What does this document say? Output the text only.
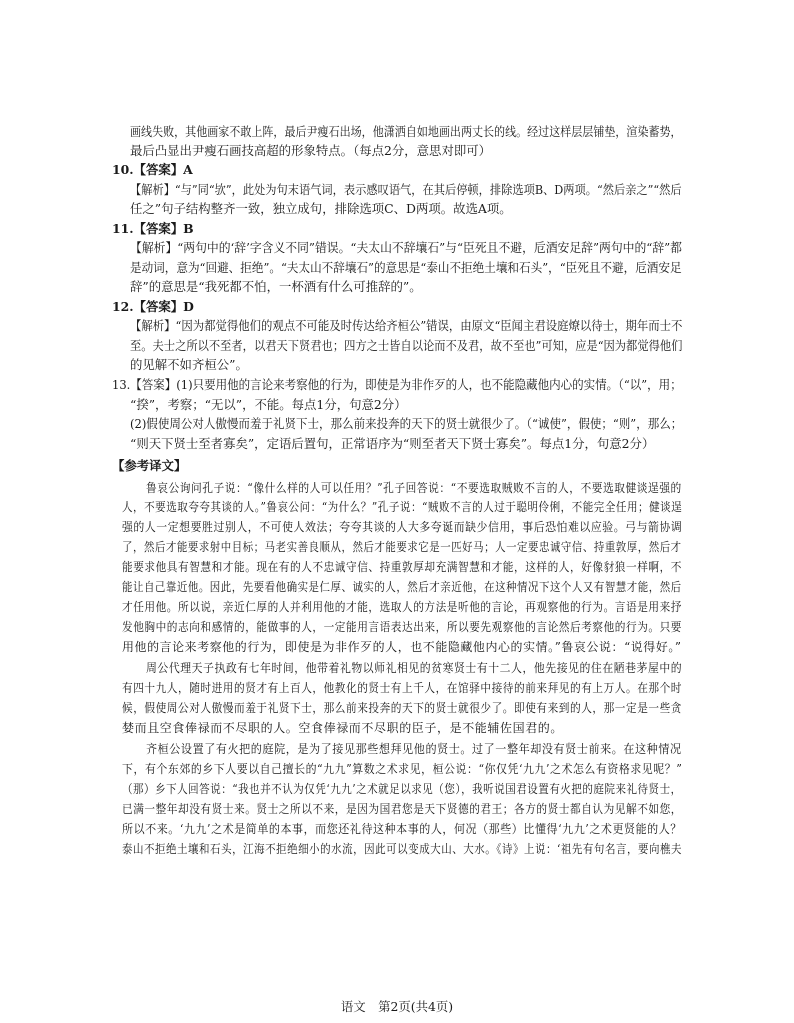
画线失败，其他画家不敢上阵，最后尹瘦石出场，他潇洒自如地画出两丈长的线。经过这样层层铺垫，渲染蓄势，
最后凸显出尹瘦石画技高超的形象特点。（每点2分，意思对即可）
10.【答案】A
【解析】“与”同“欤”，此处为句末语气词，表示感叹语气，在其后停顿，排除选项B、D两项。“然后亲之”“然后
任之”句子结构整齐一致，独立成句，排除选项C、D两项。故选A项。
11.【答案】B
【解析】“两句中的‘辞’字含义不同”错误。“夫太山不辞壤石”与“臣死且不避，卮酒安足辞”两句中的“辞”都
是动词，意为“回避、拒绝”。“夫太山不辞壤石”的意思是“泰山不拒绝土壤和石头”，“臣死且不避，卮酒安足
辞”的意思是“我死都不怕，一杯酒有什么可推辞的”。
12.【答案】D
【解析】“因为都觉得他们的观点不可能及时传达给齐桓公”错误，由原文“臣闻主君设庭燎以待士，期年而士不
至。夫士之所以不至者，以君天下贤君也；四方之士皆自以论而不及君，故不至也”可知，应是“因为都觉得他们
的见解不如齐桓公”。
13.【答案】(1)只要用他的言论来考察他的行为，即使是为非作歹的人，也不能隐藏他内心的实情。（“以”，用；
“揆”，考察；“无以”，不能。每点1分，句意2分）
(2)假使周公对人傲慢而羞于礼贤下士，那么前来投奔的天下的贤士就很少了。（“诚使”，假使；“则”，那么；
“则天下贤士至者寡矣”，定语后置句，正常语序为“则至者天下贤士寡矣”。每点1分，句意2分）
【参考译文】
鲁哀公询问孔子说：“像什么样的人可以任用？”孔子回答说：“不要选取贼败不言的人，不要选取健谈逞强的
人，不要选取夸夸其谈的人。”鲁哀公问：“为什么？”孔子说：“贼败不言的人过于聪明伶俐，不能完全任用；健谈逞
强的人一定想要胜过别人，不可使人效法；夸夸其谈的人大多夸诞而缺少信用，事后恐怕难以应验。弓与箭协调
了，然后才能要求射中目标；马老实善良顺从，然后才能要求它是一匹好马；人一定要忠诚守信、持重敦厚，然后才
能要求他具有智慧和才能。现在有的人不忠诚守信、持重敦厚却充满智慧和才能，这样的人，好像豺狼一样啊，不
能让自己靠近他。因此，先要看他确实是仁厚、诚实的人，然后才亲近他，在这种情况下这个人又有智慧才能，然后
才任用他。所以说，亲近仁厚的人并利用他的才能，选取人的方法是听他的言论，再观察他的行为。言语是用来抒
发他胸中的志向和感情的，能做事的人，一定能用言语表达出来，所以要先观察他的言论然后考察他的行为。只要
用他的言论来考察他的行为，即使是为非作歹的人，也不能隐藏他内心的实情。”鲁哀公说：“说得好。”
周公代理天子执政有七年时间，他带着礼物以师礼相见的贫寒贤士有十二人，他先接见的住在陋巷茅屋中的
有四十九人，随时进用的贤才有上百人，他教化的贤士有上千人，在馆驿中接待的前来拜见的有上万人。在那个时
候，假使周公对人傲慢而羞于礼贤下士，那么前来投奔的天下的贤士就很少了。即使有来到的人，那一定是一些贪
婪而且空食俸禄而不尽职的人。空食俸禄而不尽职的臣子，是不能辅佐国君的。
齐桓公设置了有火把的庭院，是为了接见那些想拜见他的贤士。过了一整年却没有贤士前来。在这种情况
下，有个东郊的乡下人要以自己擅长的“九九”算数之术求见，桓公说：“你仅凭‘九九’之术怎么有资格求见呢？”
（那）乡下人回答说：“我也并不认为仅凭‘九九’之术就足以求见（您），我听说国君设置有火把的庭院来礼待贤士，
已满一整年却没有贤士来。贤士之所以不来，是因为国君您是天下贤德的君王；各方的贤士都自认为见解不如您，
所以不来。‘九九’之术是简单的本事，而您还礼待这种本事的人，何况（那些）比懂得‘九九’之术更贤能的人？
泰山不拒绝土壤和石头，江海不拒绝细小的水流，因此可以变成大山、大水。《诗》上说：‘祖先有句名言，要向樵夫
语文　第2页(共4页)
